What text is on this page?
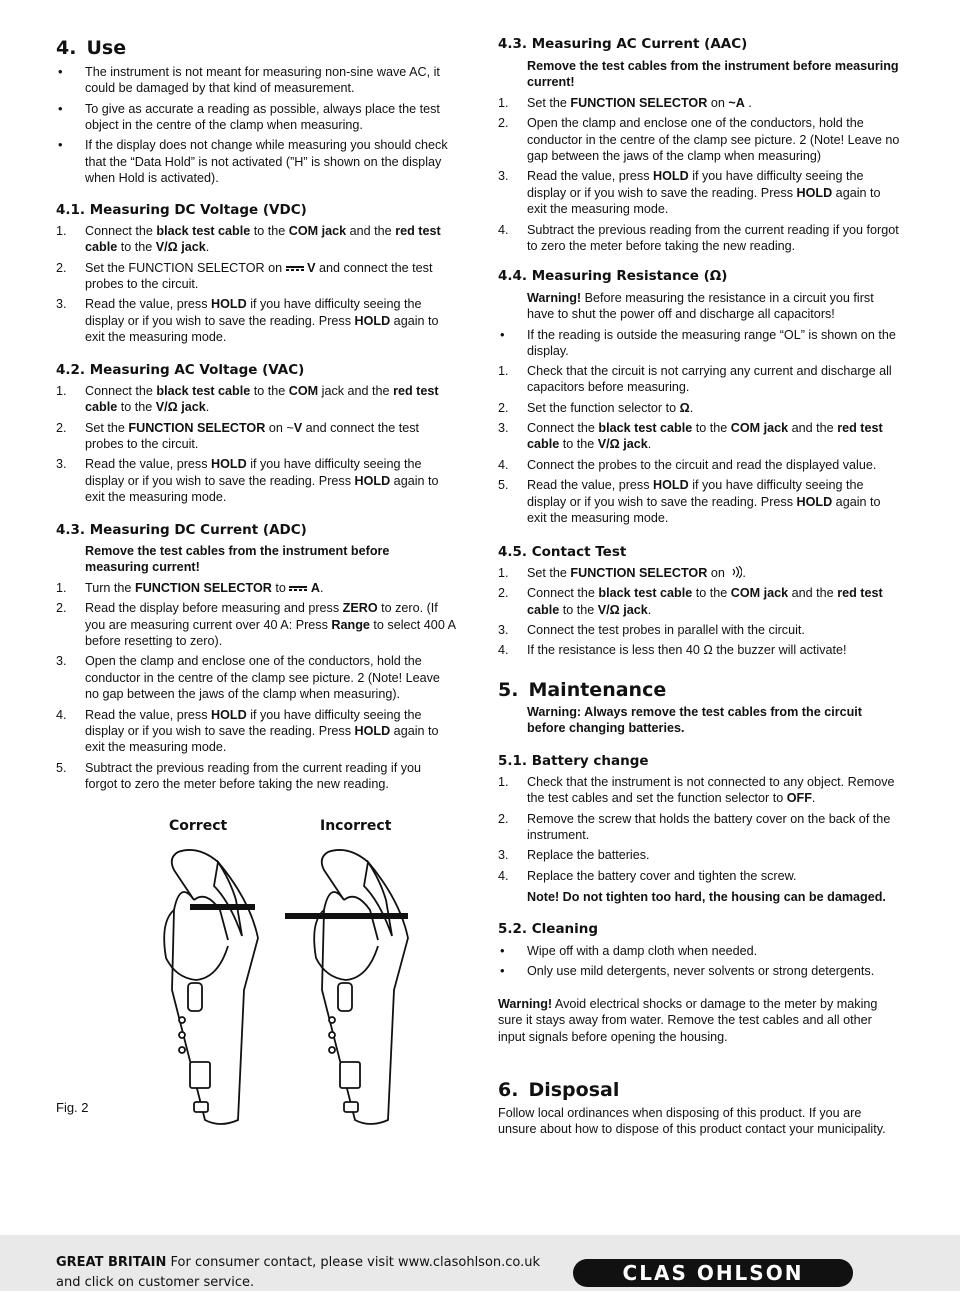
4. Use
• The instrument is not meant for measuring non-sine wave AC, it could be damaged by that kind of measurement.
• To give as accurate a reading as possible, always place the test object in the centre of the clamp when measuring.
• If the display does not change while measuring you should check that the “Data Hold” is not activated (”H” is shown on the display when Hold is activated).
4.1. Measuring DC Voltage (VDC)
1. Connect the black test cable to the COM jack and the red test cable to the V/Ω jack.
2. Set the FUNCTION SELECTOR on
V and connect the test probes to the circuit.
3. Read the value, press HOLD if you have difficulty seeing the display or if you wish to save the reading. Press HOLD again to exit the measuring mode.
4.2. Measuring AC Voltage (VAC)
1. Connect the black test cable to the COM jack and the red test cable to the V/Ω jack.
2. Set the FUNCTION SELECTOR on ~V and connect the test probes to the circuit.
3. Read the value, press HOLD if you have difficulty seeing the display or if you wish to save the reading. Press HOLD again to exit the measuring mode.
4.3. Measuring DC Current (ADC)
Remove the test cables from the instrument before measuring current!
1. Turn the FUNCTION SELECTOR to
A.
2. Read the display before measuring and press ZERO to zero. (If you are measuring current over 40 A: Press Range to select 400 A before resetting to zero).
3. Open the clamp and enclose one of the conductors, hold the conductor in the centre of the clamp see picture. 2 (Note! Leave no gap between the jaws of the clamp when measuring).
4. Read the value, press HOLD if you have difficulty seeing the display or if you wish to save the reading. Press HOLD again to exit the measuring mode.
5. Subtract the previous reading from the current reading if you forgot to zero the meter before taking the new reading.
Correct	Incorrect
Fig. 2
4.3. Measuring AC Current (AAC)
Remove the test cables from the instrument before measuring current!
1. Set the FUNCTION SELECTOR on ~A .
2. Open the clamp and enclose one of the conductors, hold the conductor in the centre of the clamp see picture. 2 (Note! Leave no gap between the jaws of the clamp when measuring)
3. Read the value, press HOLD if you have difficulty seeing the display or if you wish to save the reading. Press HOLD again to exit the measuring mode.
4. Subtract the previous reading from the current reading if you forgot to zero the meter before taking the new reading.
4.4. Measuring Resistance (Ω)
Warning! Before measuring the resistance in a circuit you first have to shut the power off and discharge all capacitors!
• If the reading is outside the measuring range “OL” is shown on the display.
1. Check that the circuit is not carrying any current and discharge all capacitors before measuring.
2. Set the function selector to Ω.
3. Connect the black test cable to the COM jack and the red test cable to the V/Ω jack.
4. Connect the probes to the circuit and read the displayed value.
5. Read the value, press HOLD if you have difficulty seeing the display or if you wish to save the reading. Press HOLD again to exit the measuring mode.
4.5. Contact Test
1. Set the FUNCTION SELECTOR on .
2. Connect the black test cable to the COM jack and the red test cable to the V/Ω jack.
3. Connect the test probes in parallel with the circuit.
4. If the resistance is less then 40 Ω the buzzer will activate!
5. Maintenance
Warning: Always remove the test cables from the circuit before changing batteries.
5.1. Battery change
1. Check that the instrument is not connected to any object. Remove the test cables and set the function selector to OFF.
2. Remove the screw that holds the battery cover on the back of the instrument.
3. Replace the batteries.
4. Replace the battery cover and tighten the screw.
Note! Do not tighten too hard, the housing can be damaged.
5.2. Cleaning
• Wipe off with a damp cloth when needed.
• Only use mild detergents, never solvents or strong detergents.
Warning! Avoid electrical shocks or damage to the meter by making sure it stays away from water. Remove the test cables and all other input signals before opening the housing.
6. Disposal
Follow local ordinances when disposing of this product. If you are unsure about how to dispose of this product contact your municipality.
GREAT BRITAIN For consumer contact, please visit www.clasohlson.co.uk
and click on customer service.	CLAS OHLSON
